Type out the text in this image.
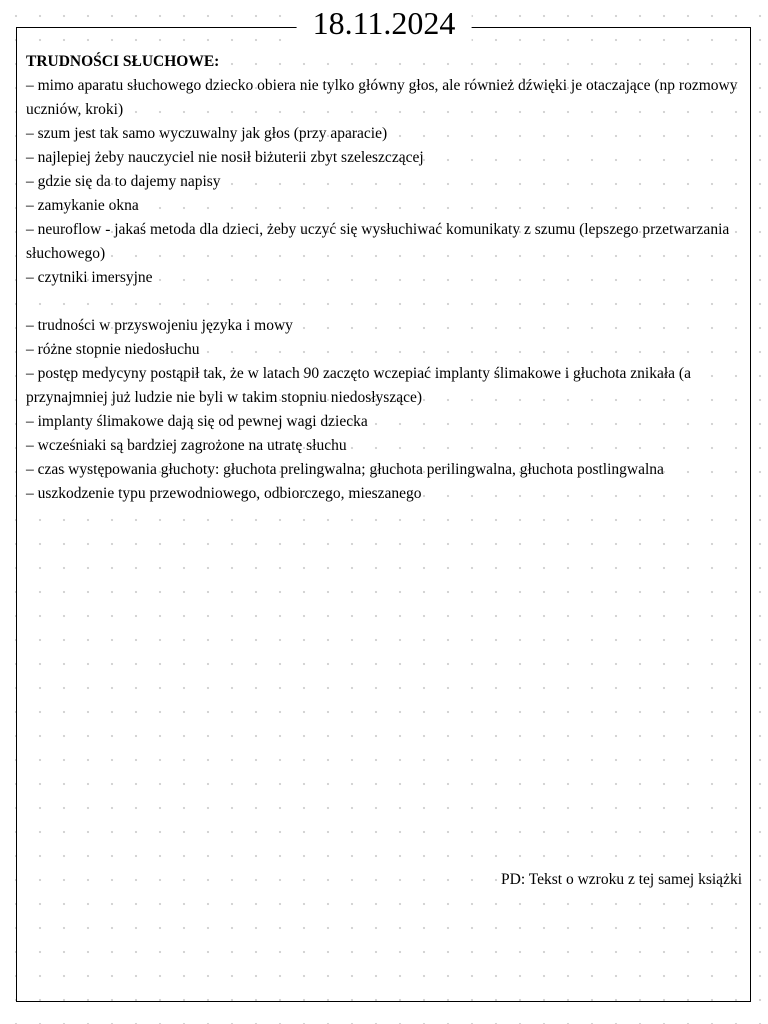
18.11.2024
TRUDNOŚCI SŁUCHOWE:
– mimo aparatu słuchowego dziecko obiera nie tylko główny głos, ale również dźwięki je otaczające (np rozmowy uczniów, kroki)
– szum jest tak samo wyczuwalny jak głos (przy aparacie)
– najlepiej żeby nauczyciel nie nosił biżuterii zbyt szeleszczącej
– gdzie się da to dajemy napisy
– zamykanie okna
– neuroflow - jakaś metoda dla dzieci, żeby uczyć się wysłuchiwać komunikaty z szumu (lepszego przetwarzania słuchowego)
– czytniki imersyjne
– trudności w przyswojeniu języka i mowy
– różne stopnie niedosłuchu
– postęp medycyny postąpił tak, że w latach 90 zaczęto wczepiać implanty ślimakowe i głuchota znikała (a przynajmniej już ludzie nie byli w takim stopniu niedosłyszące)
– implanty ślimakowe dają się od pewnej wagi dziecka
– wcześniaki są bardziej zagrożone na utratę słuchu
– czas występowania głuchoty: głuchota prelingwalna; głuchota perilingwalna, głuchota postlingwalna
– uszkodzenie typu przewodniowego, odbiorczego, mieszanego
PD: Tekst o wzroku z tej samej książki
